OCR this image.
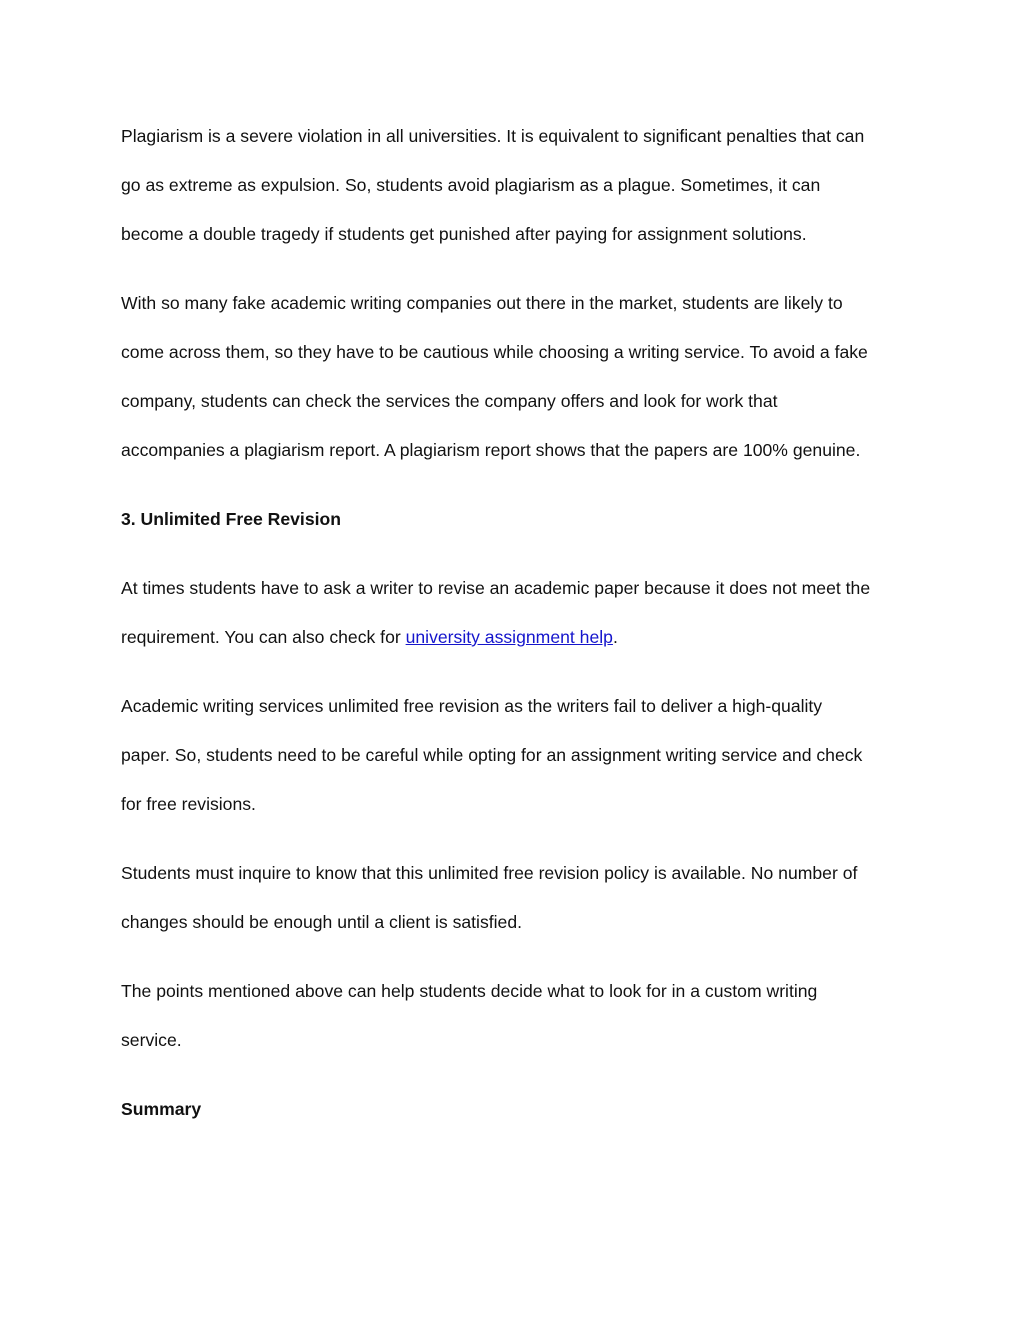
Plagiarism is a severe violation in all universities. It is equivalent to significant penalties that can
go as extreme as expulsion. So, students avoid plagiarism as a plague. Sometimes, it can
become a double tragedy if students get punished after paying for assignment solutions.
With so many fake academic writing companies out there in the market, students are likely to
come across them, so they have to be cautious while choosing a writing service. To avoid a fake
company, students can check the services the company offers and look for work that
accompanies a plagiarism report. A plagiarism report shows that the papers are 100% genuine.
3. Unlimited Free Revision
At times students have to ask a writer to revise an academic paper because it does not meet the
requirement. You can also check for university assignment help.
Academic writing services unlimited free revision as the writers fail to deliver a high-quality
paper. So, students need to be careful while opting for an assignment writing service and check
for free revisions.
Students must inquire to know that this unlimited free revision policy is available. No number of
changes should be enough until a client is satisfied.
The points mentioned above can help students decide what to look for in a custom writing
service.
Summary
